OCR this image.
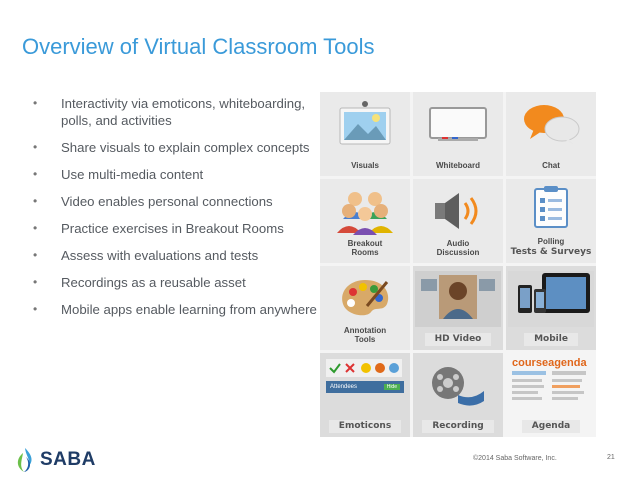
Overview of Virtual Classroom Tools
• Interactivity via emoticons, whiteboarding, polls, and activities
• Share visuals to explain complex concepts
• Use multi-media content
• Video enables personal connections
• Practice exercises in Breakout Rooms
• Assess with evaluations and tests
• Recordings as a reusable asset
• Mobile apps enable learning from anywhere
Visuals	Whiteboard	Chat
Breakout
Rooms
Audio
Discussion
Polling
Tests & Surveys
Annotation
Tools	HD Video	Mobile
Attendees	Hide
Emoticons	Recording
courseagenda
Agenda
SABA	©2014 Saba Software, Inc.	21
